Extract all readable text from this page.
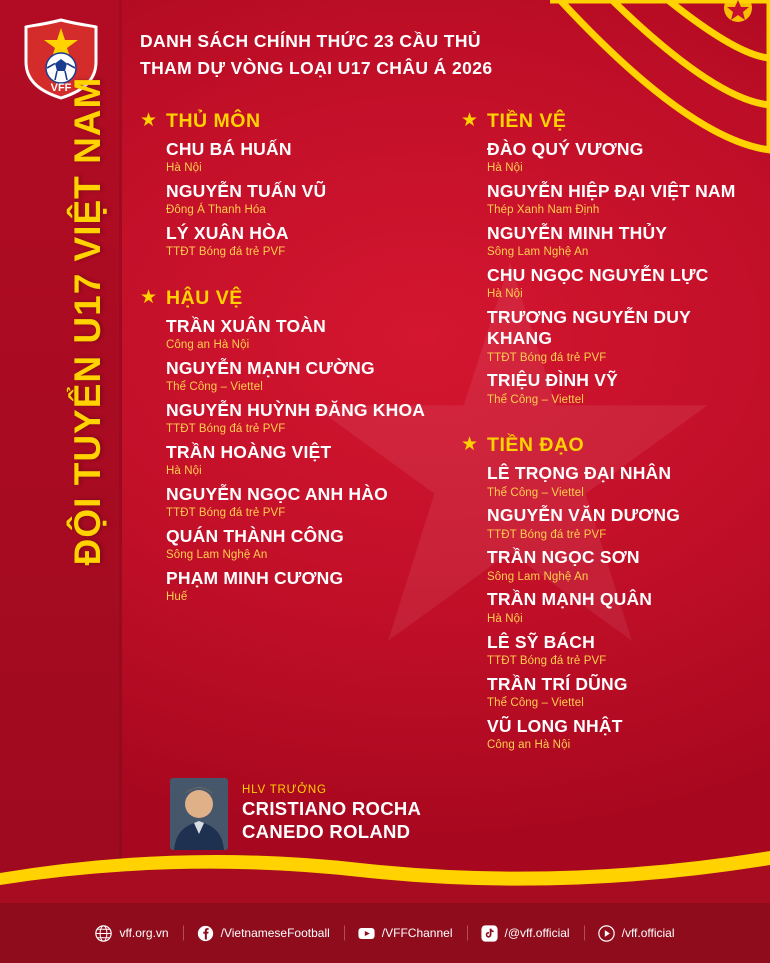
VFF
ĐỘI TUYỂN U17 VIỆT NAM
DANH SÁCH CHÍNH THỨC 23 CẦU THỦ
THAM DỰ VÒNG LOẠI U17 CHÂU Á 2026
★ THỦ MÔN
CHU BÁ HUẤN
Hà Nội
NGUYỄN TUẤN VŨ
Đông Á Thanh Hóa
LÝ XUÂN HÒA
TTĐT Bóng đá trẻ PVF
★ HẬU VỆ
TRẦN XUÂN TOÀN
Công an Hà Nội
NGUYỄN MẠNH CƯỜNG
Thể Công – Viettel
NGUYỄN HUỲNH ĐĂNG KHOA
TTĐT Bóng đá trẻ PVF
TRẦN HOÀNG VIỆT
Hà Nội
NGUYỄN NGỌC ANH HÀO
TTĐT Bóng đá trẻ PVF
QUÁN THÀNH CÔNG
Sông Lam Nghệ An
PHẠM MINH CƯƠNG
Huế
★ TIỀN VỆ
ĐÀO QUÝ VƯƠNG
Hà Nội
NGUYỄN HIỆP ĐẠI VIỆT NAM
Thép Xanh Nam Định
NGUYỄN MINH THỦY
Sông Lam Nghệ An
CHU NGỌC NGUYỄN LỰC
Hà Nội
TRƯƠNG NGUYỄN DUY KHANG
TTĐT Bóng đá trẻ PVF
TRIỆU ĐÌNH VỸ
Thể Công – Viettel
★ TIỀN ĐẠO
LÊ TRỌNG ĐẠI NHÂN
Thể Công – Viettel
NGUYỄN VĂN DƯƠNG
TTĐT Bóng đá trẻ PVF
TRẦN NGỌC SƠN
Sông Lam Nghệ An
TRẦN MẠNH QUÂN
Hà Nội
LÊ SỸ BÁCH
TTĐT Bóng đá trẻ PVF
TRẦN TRÍ DŨNG
Thể Công – Viettel
VŨ LONG NHẬT
Công an Hà Nội
HLV TRƯỞNG
CRISTIANO ROCHA
CANEDO ROLAND
vff.org.vn	/VietnameseFootball	/VFFChannel	/@vff.official	/vff.official
